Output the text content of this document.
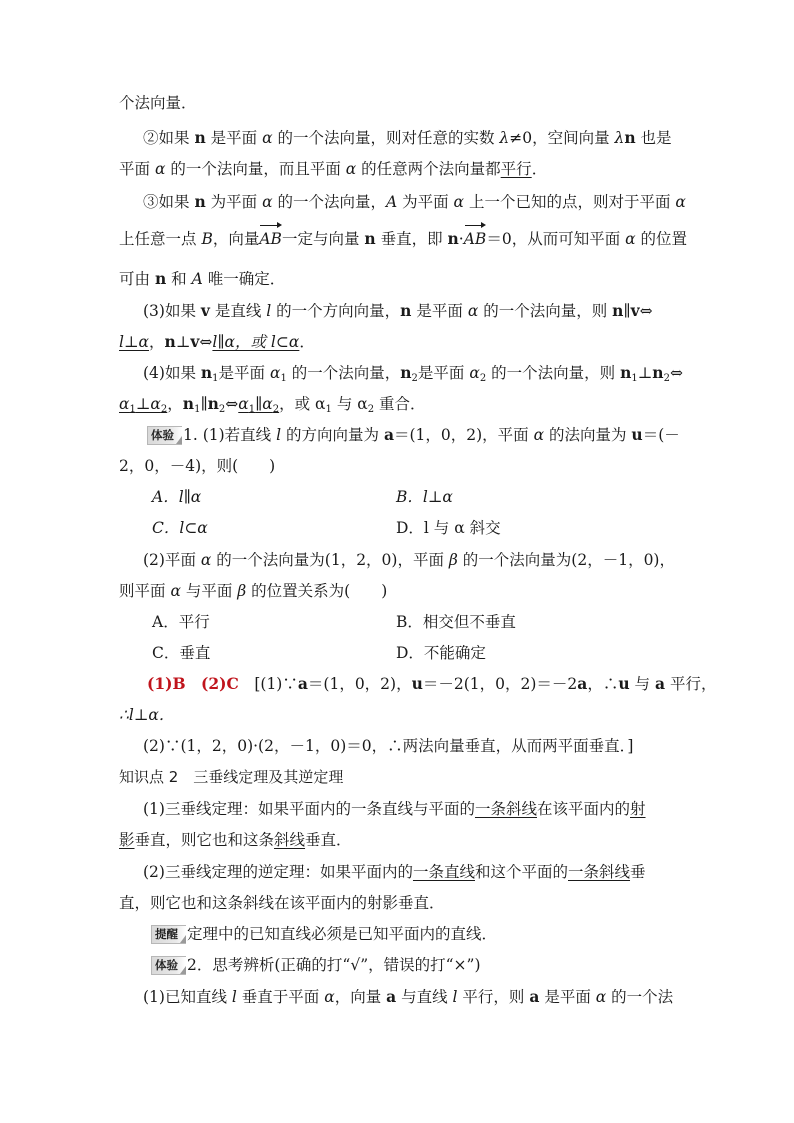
个法向量．
②如果 n 是平面 α 的一个法向量，则对任意的实数 λ≠0，空间向量 λn 也是
平面 α 的一个法向量，而且平面 α 的任意两个法向量都平行．
③如果 n 为平面 α 的一个法向量，A 为平面 α 上一个已知的点，则对于平面 α
上任意一点 B，向量AB一定与向量 n 垂直，即 n·AB＝0，从而可知平面 α 的位置
可由 n 和 A 唯一确定．
(3)如果 v 是直线 l 的一个方向向量，n 是平面 α 的一个法向量，则 n∥v⇔
l⊥α，n⊥v⇔l∥α，或 l⊂α．
(4)如果 $n_1$是平面 $\alpha_1$ 的一个法向量，$n_2$是平面 $\alpha_2$ 的一个法向量，则 $n_1\perp n_2\Leftrightarrow$
$\alpha_1\perp\alpha_2$，$n_1\parallel n_2\Leftrightarrow\alpha_1\parallel\alpha_2$，或 $\alpha_1$ 与 $\alpha_2$ 重合．
体验 1. (1)若直线 l 的方向向量为 a＝(1，0，2)，平面 α 的法向量为 u＝(－
2，0，－4)，则(　　)
A．l∥α	B．l⊥α
C．l⊂α	D．l 与 α 斜交
(2)平面 α 的一个法向量为(1，2，0)，平面 β 的一个法向量为(2，－1，0)，
则平面 α 与平面 β 的位置关系为(　　)
A．平行	B．相交但不垂直
C．垂直	D．不能确定
(1)B　(2)C　[(1)∵a＝(1，0，2)，u＝－2(1，0，2)＝－2a，∴u 与 a 平行，
∴l⊥α．
(2)∵(1，2，0)·(2，－1，0)＝0，∴两法向量垂直，从而两平面垂直．]
知识点 2　三垂线定理及其逆定理
(1)三垂线定理：如果平面内的一条直线与平面的一条斜线在该平面内的射
影垂直，则它也和这条斜线垂直．
(2)三垂线定理的逆定理：如果平面内的一条直线和这个平面的一条斜线垂
直，则它也和这条斜线在该平面内的射影垂直．
提醒 定理中的已知直线必须是已知平面内的直线．
体验 2．思考辨析(正确的打“√”，错误的打“×”)
(1)已知直线 l 垂直于平面 α，向量 a 与直线 l 平行，则 a 是平面 α 的一个法
